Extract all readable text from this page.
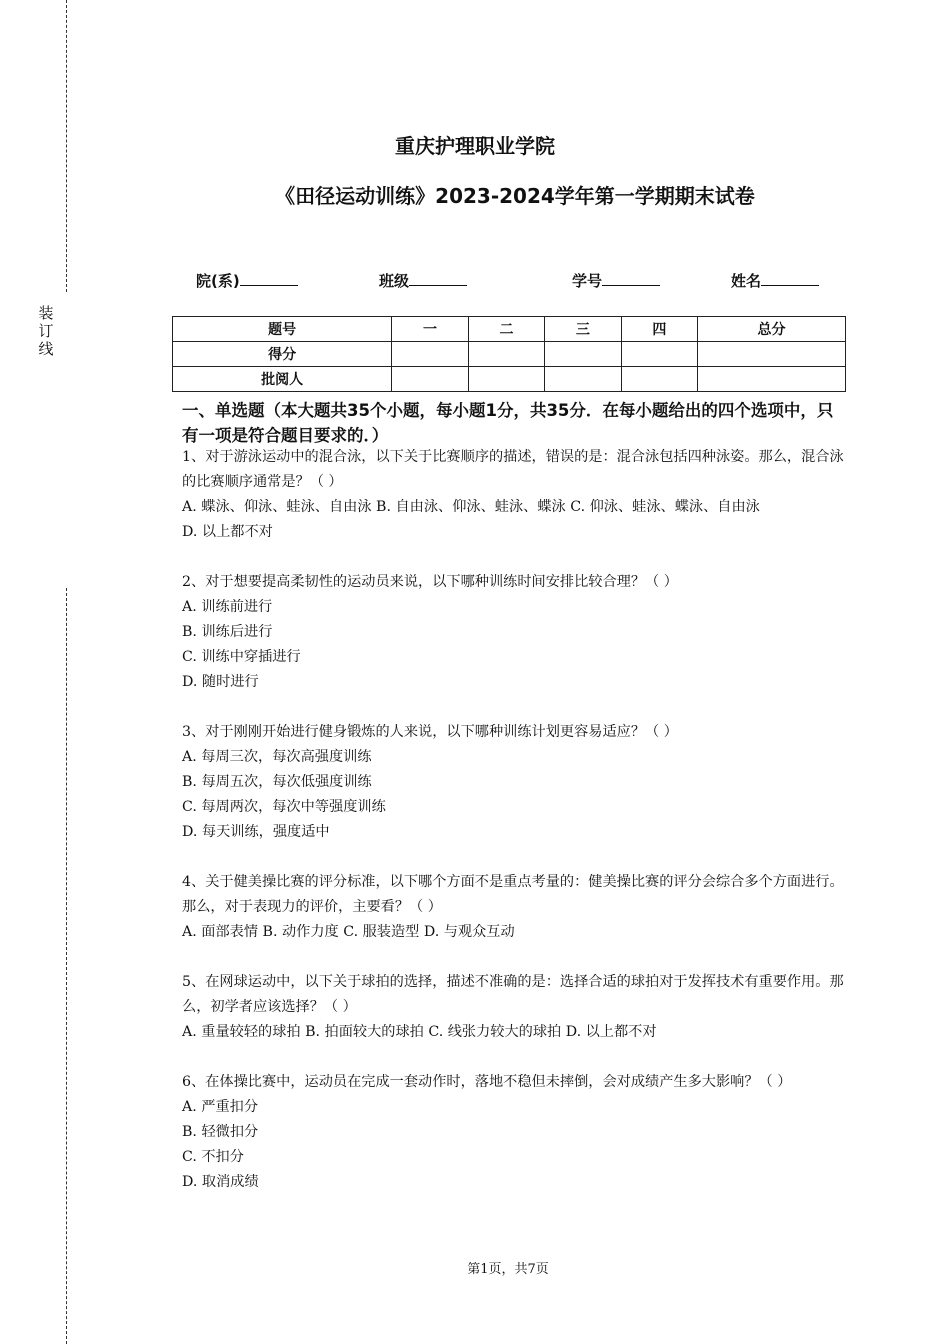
装订线
重庆护理职业学院
《田径运动训练》2023-2024学年第一学期期末试卷
院(系)	班级	学号	姓名
题号	一	二	三	四	总分
得分					
批阅人					
一、单选题（本大题共35个小题，每小题1分，共35分．在每小题给出的四个选项中，只有一项是符合题目要求的．）

1、对于游泳运动中的混合泳，以下关于比赛顺序的描述，错误的是：混合泳包括四种泳姿。那么，混合泳的比赛顺序通常是？（ ）

A. 蝶泳、仰泳、蛙泳、自由泳 B. 自由泳、仰泳、蛙泳、蝶泳 C. 仰泳、蛙泳、蝶泳、自由泳

D. 以上都不对

2、对于想要提高柔韧性的运动员来说，以下哪种训练时间安排比较合理？（ ）

A. 训练前进行

B. 训练后进行

C. 训练中穿插进行

D. 随时进行

3、对于刚刚开始进行健身锻炼的人来说，以下哪种训练计划更容易适应？（ ）

A. 每周三次，每次高强度训练

B. 每周五次，每次低强度训练

C. 每周两次，每次中等强度训练

D. 每天训练，强度适中

4、关于健美操比赛的评分标准，以下哪个方面不是重点考量的：健美操比赛的评分会综合多个方面进行。那么，对于表现力的评价，主要看？（ ）

A. 面部表情 B. 动作力度 C. 服装造型 D. 与观众互动

5、在网球运动中，以下关于球拍的选择，描述不准确的是：选择合适的球拍对于发挥技术有重要作用。那么，初学者应该选择？（ ）

A. 重量较轻的球拍 B. 拍面较大的球拍 C. 线张力较大的球拍 D. 以上都不对

6、在体操比赛中，运动员在完成一套动作时，落地不稳但未摔倒，会对成绩产生多大影响？（ ）

A. 严重扣分

B. 轻微扣分

C. 不扣分

D. 取消成绩

第1页，共7页
